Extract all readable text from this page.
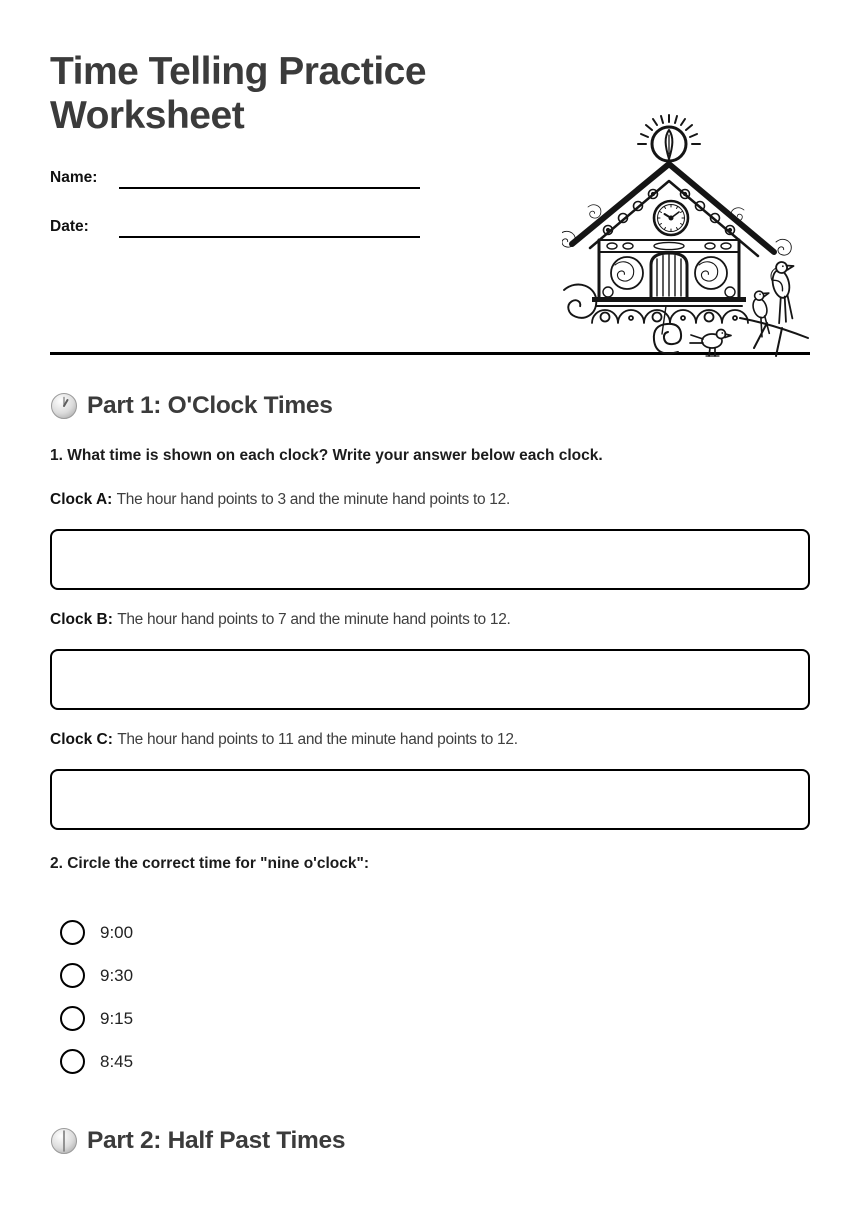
Time Telling Practice Worksheet
Name:
Date:
Part 1: O'Clock Times

1. What time is shown on each clock? Write your answer below each clock.

Clock A: The hour hand points to 3 and the minute hand points to 12.

Clock B: The hour hand points to 7 and the minute hand points to 12.

Clock C: The hour hand points to 11 and the minute hand points to 12.

2. Circle the correct time for "nine o'clock":

9:00
9:30
9:15
8:45
Part 2: Half Past Times
